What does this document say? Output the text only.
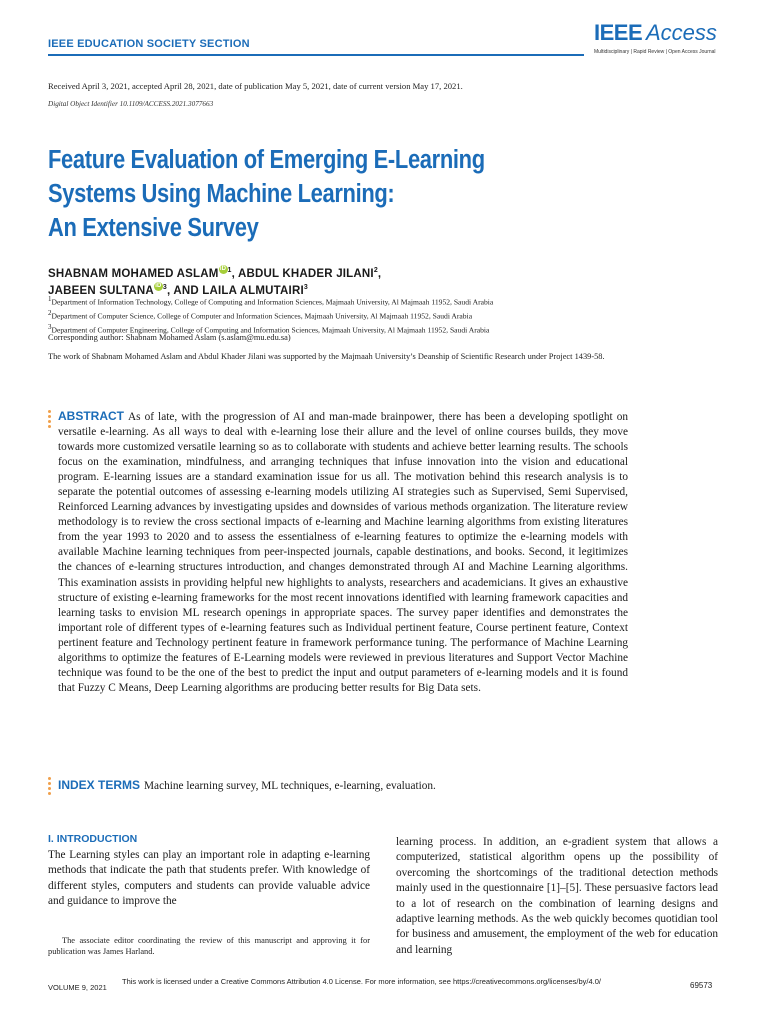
IEEE EDUCATION SOCIETY SECTION	IEEE Access
Multidisciplinary | Rapid Review | Open Access Journal
Received April 3, 2021, accepted April 28, 2021, date of publication May 5, 2021, date of current version May 17, 2021.
Digital Object Identifier 10.1109/ACCESS.2021.3077663
Feature Evaluation of Emerging E-Learning
Systems Using Machine Learning:
An Extensive Survey
SHABNAM MOHAMED ASLAMiD$^1$, ABDUL KHADER JILANI$^2$,
JABEEN SULTANAiD$^3$, AND LAILA ALMUTAIRI$^3$
$^1$Department of Information Technology, College of Computing and Information Sciences, Majmaah University, Al Majmaah 11952, Saudi Arabia
$^2$Department of Computer Science, College of Computer and Information Sciences, Majmaah University, Al Majmaah 11952, Saudi Arabia
$^3$Department of Computer Engineering, College of Computing and Information Sciences, Majmaah University, Al Majmaah 11952, Saudi Arabia
Corresponding author: Shabnam Mohamed Aslam (s.aslam@mu.edu.sa)
The work of Shabnam Mohamed Aslam and Abdul Khader Jilani was supported by the Majmaah University’s Deanship of Scientific Research under Project 1439-58.
ABSTRACT As of late, with the progression of AI and man-made brainpower, there has been a developing spotlight on versatile e-learning. As all ways to deal with e-learning lose their allure and the level of online courses builds, they move towards more customized versatile learning so as to collaborate with students and achieve better learning results. The schools focus on the examination, mindfulness, and arranging techniques that infuse innovation into the vision and educational program. E-learning issues are a standard examination issue for us all. The motivation behind this research analysis is to separate the potential outcomes of assessing e-learning models utilizing AI strategies such as Supervised, Semi Supervised, Reinforced Learning advances by investigating upsides and downsides of various methods organization. The literature review methodology is to review the cross sectional impacts of e-learning and Machine learning algorithms from existing literatures from the year 1993 to 2020 and to assess the essentialness of e-learning features to optimize the e-learning models with available Machine learning techniques from peer-inspected journals, capable destinations, and books. Second, it legitimizes the chances of e-learning structures introduction, and changes demonstrated through AI and Machine Learning algorithms. This examination assists in providing helpful new highlights to analysts, researchers and academicians. It gives an exhaustive structure of existing e-learning frameworks for the most recent innovations identified with learning framework capacities and learning tasks to envision ML research openings in appropriate spaces. The survey paper identifies and demonstrates the important role of different types of e-learning features such as Individual pertinent feature, Course pertinent feature, Context pertinent feature and Technology pertinent feature in framework performance tuning. The performance of Machine Learning algorithms to optimize the features of E-Learning models were reviewed in previous literatures and Support Vector Machine technique was found to be the one of the best to predict the input and output parameters of e-learning models and it is found that Fuzzy C Means, Deep Learning algorithms are producing better results for Big Data sets.
INDEX TERMS Machine learning survey, ML techniques, e-learning, evaluation.
I. INTRODUCTION
The Learning styles can play an important role in adapting e-learning methods that indicate the path that students prefer. With knowledge of different styles, computers and students can provide valuable advice and guidance to improve the
The associate editor coordinating the review of this manuscript and approving it for publication was James Harland.
learning process. In addition, an e-gradient system that allows a computerized, statistical algorithm opens up the possibility of overcoming the shortcomings of the traditional detection methods mainly used in the questionnaire [1]–[5]. These persuasive factors lead to a lot of research on the combination of learning designs and adaptive learning methods. As the web quickly becomes quotidian tool for business and amusement, the employment of the web for education and learning
VOLUME 9, 2021
This work is licensed under a Creative Commons Attribution 4.0 License. For more information, see https://creativecommons.org/licenses/by/4.0/	69573
